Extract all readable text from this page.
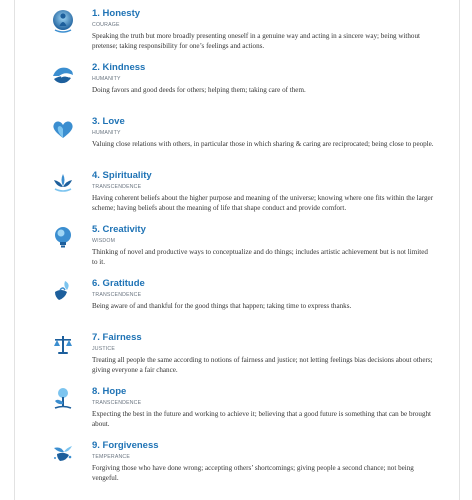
1. Honesty
COURAGE
Speaking the truth but more broadly presenting oneself in a genuine way and acting in a sincere way; being without pretense; taking responsibility for one’s feelings and actions.
2. Kindness
HUMANITY
Doing favors and good deeds for others; helping them; taking care of them.
3. Love
HUMANITY
Valuing close relations with others, in particular those in which sharing & caring are reciprocated; being close to people.
4. Spirituality
TRANSCENDENCE
Having coherent beliefs about the higher purpose and meaning of the universe; knowing where one fits within the larger scheme; having beliefs about the meaning of life that shape conduct and provide comfort.
5. Creativity
WISDOM
Thinking of novel and productive ways to conceptualize and do things; includes artistic achievement but is not limited to it.
6. Gratitude
TRANSCENDENCE
Being aware of and thankful for the good things that happen; taking time to express thanks.
7. Fairness
JUSTICE
Treating all people the same according to notions of fairness and justice; not letting feelings bias decisions about others; giving everyone a fair chance.
8. Hope
TRANSCENDENCE
Expecting the best in the future and working to achieve it; believing that a good future is something that can be brought about.
9. Forgiveness
TEMPERANCE
Forgiving those who have done wrong; accepting others’ shortcomings; giving people a second chance; not being vengeful.
